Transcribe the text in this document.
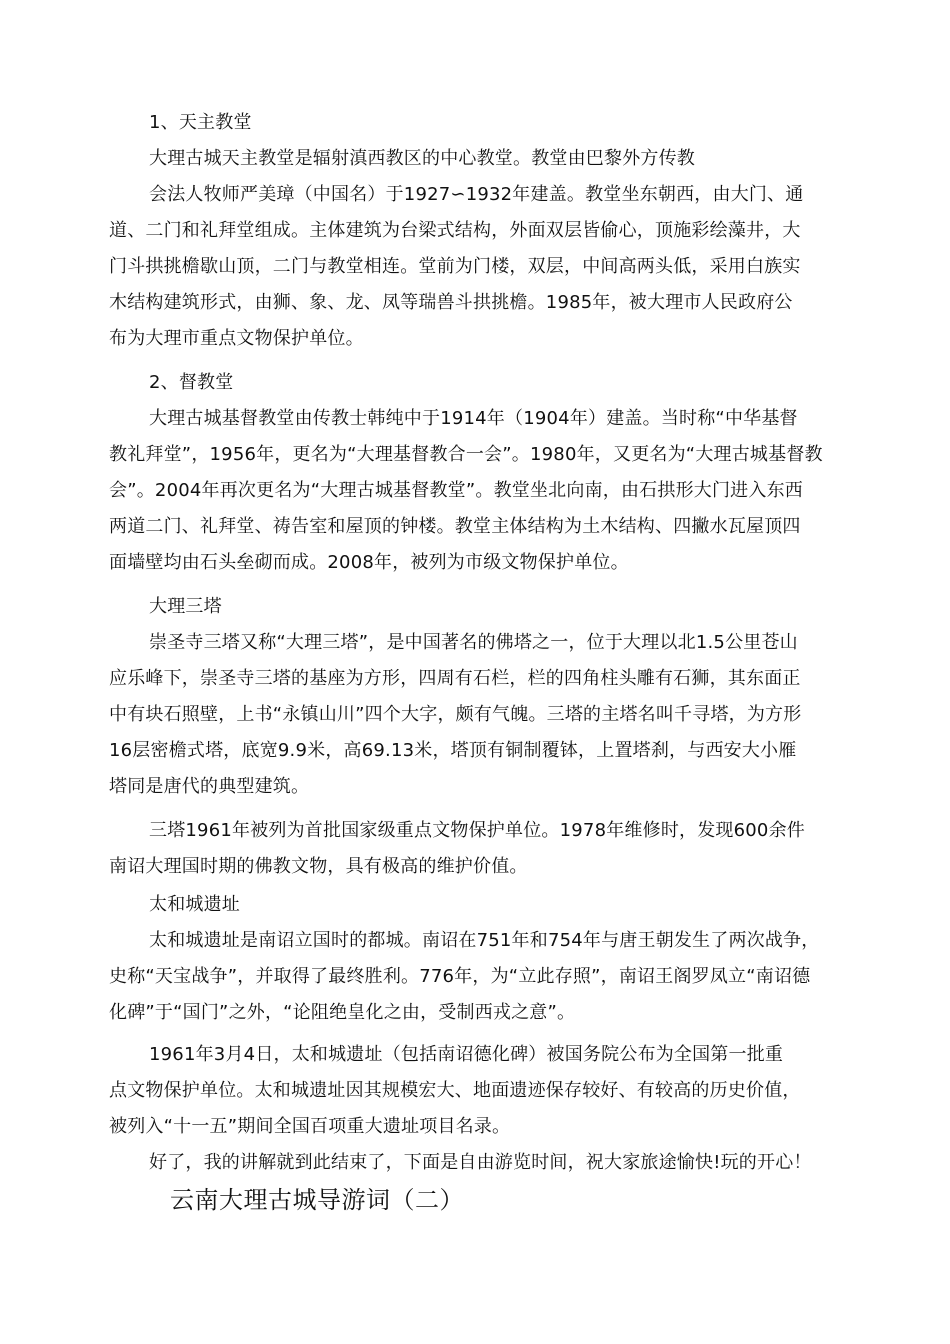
1、天主教堂
大理古城天主教堂是辐射滇西教区的中心教堂。教堂由巴黎外方传教
会法人牧师严美璋（中国名）于1927∽1932年建盖。教堂坐东朝西，由大门、通
道、二门和礼拜堂组成。主体建筑为台梁式结构，外面双层皆偷心，顶施彩绘藻井，大
门斗拱挑檐歇山顶，二门与教堂相连。堂前为门楼，双层，中间高两头低，采用白族实
木结构建筑形式，由狮、象、龙、凤等瑞兽斗拱挑檐。1985年，被大理市人民政府公
布为大理市重点文物保护单位。
2、督教堂
大理古城基督教堂由传教士韩纯中于1914年（1904年）建盖。当时称“中华基督
教礼拜堂”，1956年，更名为“大理基督教合一会”。1980年，又更名为“大理古城基督教
会”。2004年再次更名为“大理古城基督教堂”。教堂坐北向南，由石拱形大门进入东西
两道二门、礼拜堂、祷告室和屋顶的钟楼。教堂主体结构为土木结构、四撇水瓦屋顶四
面墙壁均由石头垒砌而成。2008年，被列为市级文物保护单位。
大理三塔
崇圣寺三塔又称“大理三塔”，是中国著名的佛塔之一，位于大理以北1.5公里苍山
应乐峰下，崇圣寺三塔的基座为方形，四周有石栏，栏的四角柱头雕有石狮，其东面正
中有块石照壁，上书“永镇山川”四个大字，颇有气魄。三塔的主塔名叫千寻塔，为方形
16层密檐式塔，底宽9.9米，高69.13米，塔顶有铜制覆钵，上置塔刹，与西安大小雁
塔同是唐代的典型建筑。
三塔1961年被列为首批国家级重点文物保护单位。1978年维修时，发现600余件
南诏大理国时期的佛教文物，具有极高的维护价值。
太和城遗址
太和城遗址是南诏立国时的都城。南诏在751年和754年与唐王朝发生了两次战争，
史称“天宝战争”，并取得了最终胜利。776年，为“立此存照”，南诏王阁罗凤立“南诏德
化碑”于“国门”之外，“论阻绝皇化之由，受制西戎之意”。
1961年3月4日，太和城遗址（包括南诏德化碑）被国务院公布为全国第一批重
点文物保护单位。太和城遗址因其规模宏大、地面遗迹保存较好、有较高的历史价值，
被列入“十一五”期间全国百项重大遗址项目名录。
好了，我的讲解就到此结束了，下面是自由游览时间，祝大家旅途愉快!玩的开心！
云南大理古城导游词（二）
